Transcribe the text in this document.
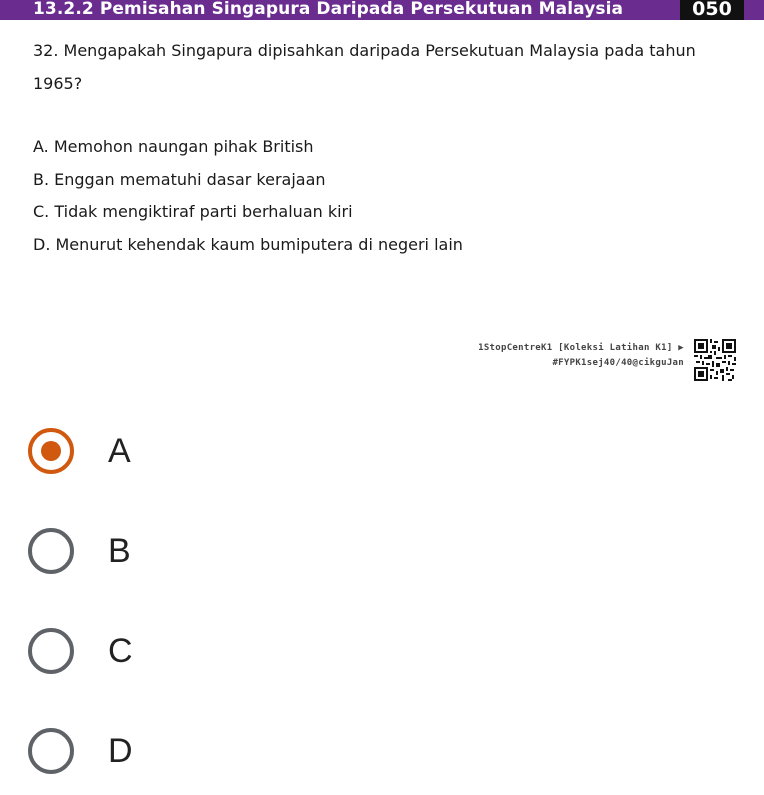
13.2.2 Pemisahan Singapura Daripada Persekutuan Malaysia	050
32. Mengapakah Singapura dipisahkan daripada Persekutuan Malaysia pada tahun 1965?
A. Memohon naungan pihak British
B. Enggan mematuhi dasar kerajaan
C. Tidak mengiktiraf parti berhaluan kiri
D. Menurut kehendak kaum bumiputera di negeri lain
1StopCentreK1 [Koleksi Latihan K1] ▶
#FYPK1sej40/40@cikguJan
A
B
C
D
